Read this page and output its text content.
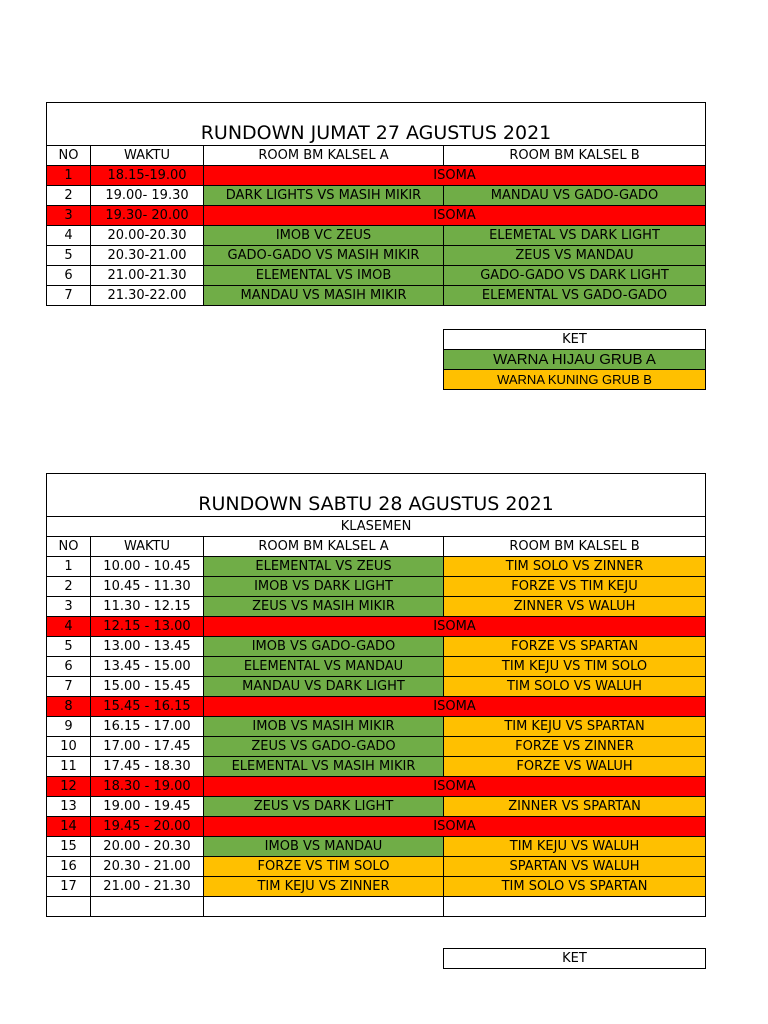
RUNDOWN JUMAT 27 AGUSTUS 2021			
NO	WAKTU	ROOM BM KALSEL A	ROOM BM KALSEL B
1	18.15-19.00	ISOMA	
2	19.00- 19.30	DARK LIGHTS VS MASIH MIKIR	MANDAU VS GADO-GADO
3	19.30- 20.00	ISOMA	
4	20.00-20.30	IMOB VC ZEUS	ELEMETAL VS DARK LIGHT
5	20.30-21.00	GADO-GADO VS MASIH MIKIR	ZEUS VS MANDAU
6	21.00-21.30	ELEMENTAL VS IMOB	GADO-GADO VS DARK LIGHT
7	21.30-22.00	MANDAU VS MASIH MIKIR	ELEMENTAL VS GADO-GADO
KET
WARNA HIJAU GRUB A
WARNA KUNING GRUB B
RUNDOWN SABTU 28 AGUSTUS 2021			
KLASEMEN			
NO	WAKTU	ROOM BM KALSEL A	ROOM BM KALSEL B
1	10.00 - 10.45	ELEMENTAL VS ZEUS	TIM SOLO VS ZINNER
2	10.45 - 11.30	IMOB VS DARK LIGHT	FORZE VS TIM KEJU
3	11.30 - 12.15	ZEUS VS MASIH MIKIR	ZINNER VS WALUH
4	12.15 - 13.00	ISOMA	
5	13.00 - 13.45	IMOB VS GADO-GADO	FORZE VS SPARTAN
6	13.45 - 15.00	ELEMENTAL VS MANDAU	TIM KEJU VS TIM SOLO
7	15.00 - 15.45	MANDAU VS DARK LIGHT	TIM SOLO VS WALUH
8	15.45 - 16.15	ISOMA	
9	16.15 - 17.00	IMOB VS MASIH MIKIR	TIM KEJU VS SPARTAN
10	17.00 - 17.45	ZEUS VS GADO-GADO	FORZE VS ZINNER
11	17.45 - 18.30	ELEMENTAL VS MASIH MIKIR	FORZE VS WALUH
12	18.30 - 19.00	ISOMA	
13	19.00 - 19.45	ZEUS VS DARK LIGHT	ZINNER VS SPARTAN
14	19.45 - 20.00	ISOMA	
15	20.00 - 20.30	IMOB VS MANDAU	TIM KEJU VS WALUH
16	20.30 - 21.00	FORZE VS TIM SOLO	SPARTAN VS WALUH
17	21.00 - 21.30	TIM KEJU VS ZINNER	TIM SOLO VS SPARTAN

KET
